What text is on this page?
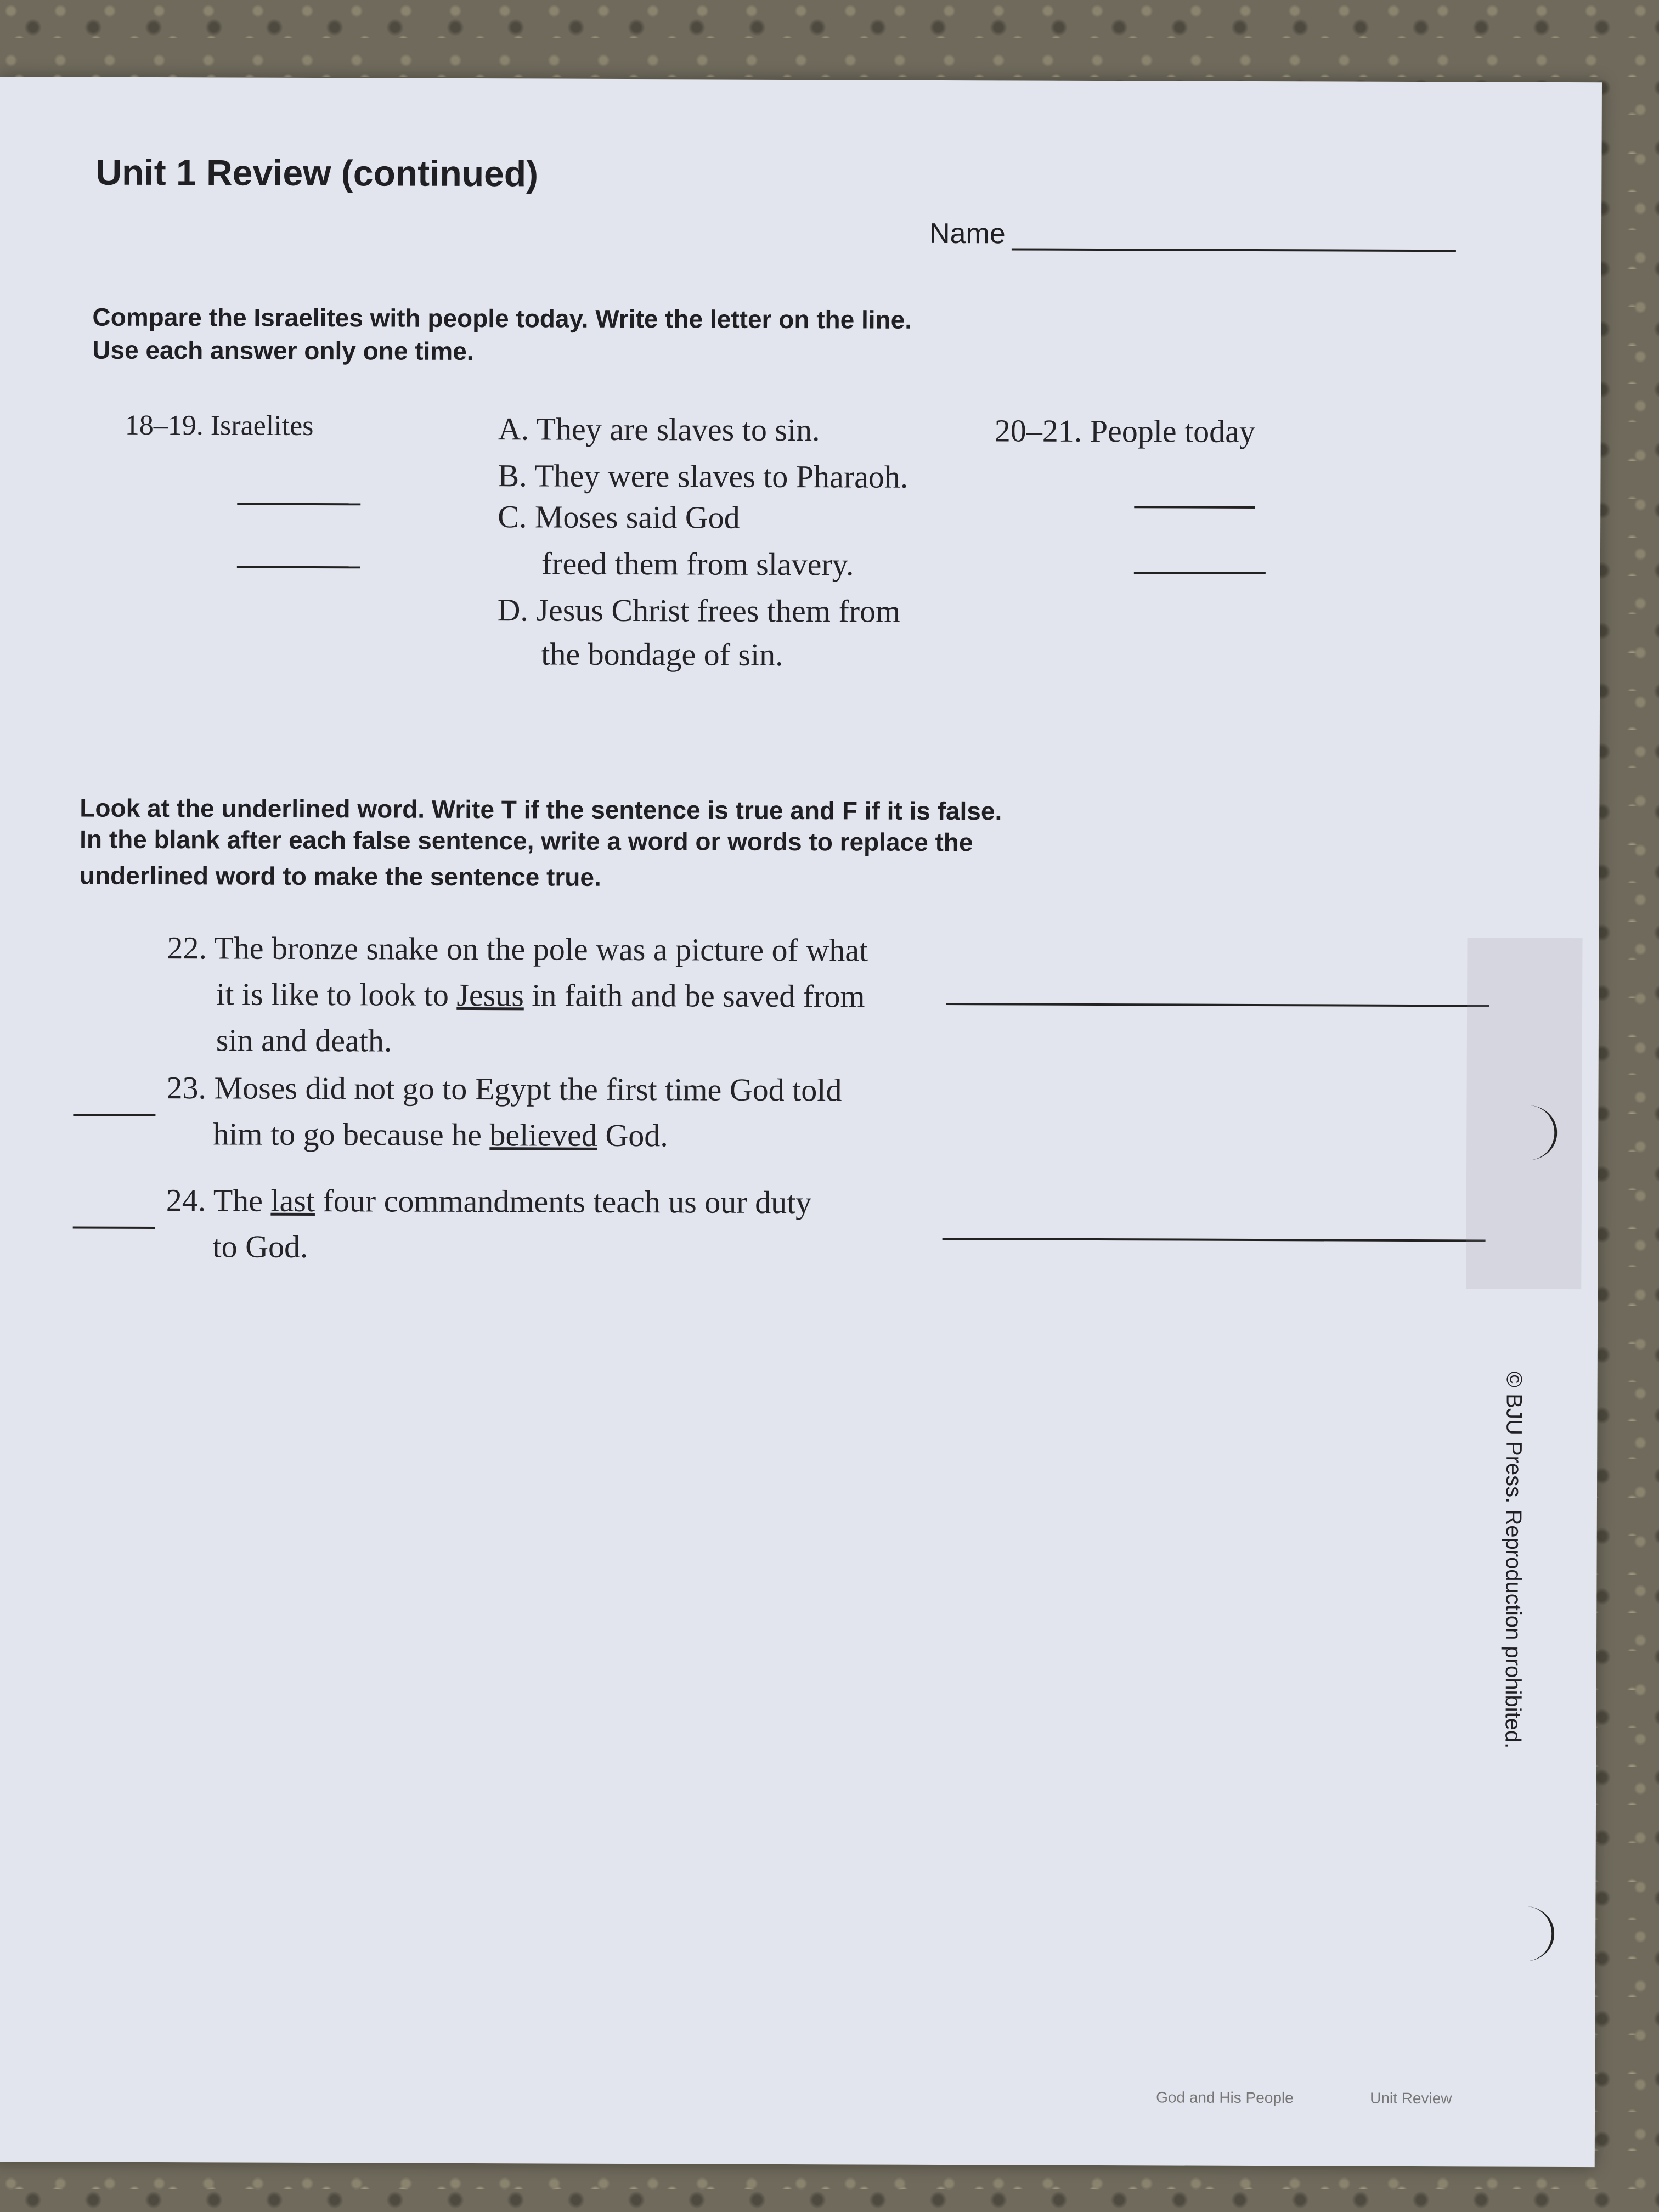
Unit 1 Review (continued)
Name
Compare the Israelites with people today. Write the letter on the line.
Use each answer only one time.
18–19. Israelites	20–21. People today
A. They are slaves to sin.
B. They were slaves to Pharaoh.
C. Moses said God
freed them from slavery.
D. Jesus Christ frees them from
the bondage of sin.
Look at the underlined word. Write T if the sentence is true and F if it is false.
In the blank after each false sentence, write a word or words to replace the
underlined word to make the sentence true.
22. The bronze snake on the pole was a picture of what
it is like to look to Jesus in faith and be saved from
sin and death.
23. Moses did not go to Egypt the first time God told
him to go because he believed God.
24. The last four commandments teach us our duty
to God.
© BJU Press. Reproduction prohibited.
God and His People	Unit Review
